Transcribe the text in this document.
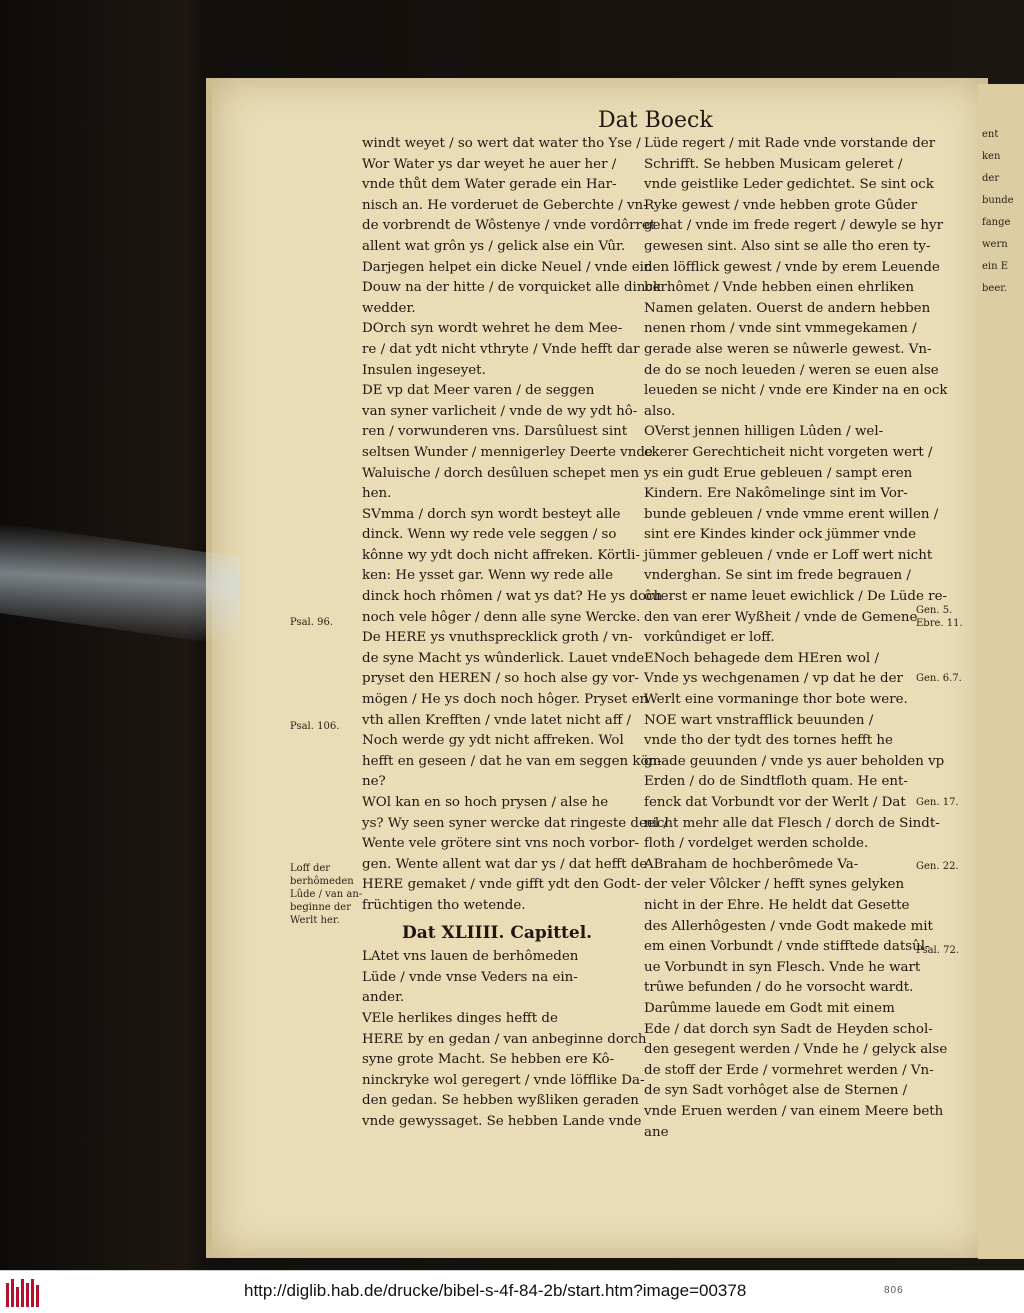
ent
ken
der
bunde
fange
wern
ein E
beer.
Dat Boeck
windt weyet / so wert dat water tho Yse /
Wor Water ys dar weyet he auer her /
vnde thůt dem Water gerade ein Har-
nisch an. He vorderuet de Geberchte / vn-
de vorbrendt de Wôstenye / vnde vordôrret
allent wat grôn ys / gelick alse ein Vûr.
Darjegen helpet ein dicke Neuel / vnde ein
Douw na der hitte / de vorquicket alle dinck
wedder.
DOrch syn wordt wehret he dem Mee-
re / dat ydt nicht vthryte / Vnde hefft dar
Insulen ingeseyet.
DE vp dat Meer varen / de seggen
van syner varlicheit / vnde de wy ydt hô-
ren / vorwunderen vns. Darsûluest sint
seltsen Wunder / mennigerley Deerte vnde
Waluische / dorch desûluen schepet men
hen.
SVmma / dorch syn wordt besteyt alle
dinck. Wenn wy rede vele seggen / so
kônne wy ydt doch nicht affreken. Körtli-
ken: He ysset gar. Wenn wy rede alle
dinck hoch rhômen / wat ys dat? He ys doch
noch vele hôger / denn alle syne Wercke.
De HERE ys vnuthsprecklick groth / vn-
de syne Macht ys wûnderlick. Lauet vnde
pryset den HEREN / so hoch alse gy vor-
mögen / He ys doch noch hôger. Pryset en
vth allen Krefften / vnde latet nicht aff /
Noch werde gy ydt nicht affreken. Wol
hefft en geseen / dat he van em seggen kön-
ne?
WOl kan en so hoch prysen / alse he
ys? Wy seen syner wercke dat ringeste deel /
Wente vele grötere sint vns noch vorbor-
gen. Wente allent wat dar ys / dat hefft de
HERE gemaket / vnde gifft ydt den Godt-
früchtigen tho wetende.
Dat XLIIII. Capittel.
LAtet vns lauen de berhômeden
Lüde / vnde vnse Veders na ein-
ander.
VEle herlikes dinges hefft de
HERE by en gedan / van anbeginne dorch
syne grote Macht. Se hebben ere Kô-
ninckryke wol geregert / vnde löfflike Da-
den gedan. Se hebben wyßliken geraden
vnde gewyssaget. Se hebben Lande vnde
Lüde regert / mit Rade vnde vorstande der
Schrifft. Se hebben Musicam geleret /
vnde geistlike Leder gedichtet. Se sint ock
Ryke gewest / vnde hebben grote Gûder
gehat / vnde im frede regert / dewyle se hyr
gewesen sint. Also sint se alle tho eren ty-
den löfflick gewest / vnde by erem Leuende
berhômet / Vnde hebben einen ehrliken
Namen gelaten. Ouerst de andern hebben
nenen rhom / vnde sint vmmegekamen /
gerade alse weren se nûwerle gewest. Vn-
de do se noch leueden / weren se euen alse
leueden se nicht / vnde ere Kinder na en ock
also.
OVerst jennen hilligen Lûden / wel-
ckerer Gerechticheit nicht vorgeten wert /
ys ein gudt Erue gebleuen / sampt eren
Kindern. Ere Nakômelinge sint im Vor-
bunde gebleuen / vnde vmme erent willen /
sint ere Kindes kinder ock jümmer vnde
jümmer gebleuen / vnde er Loff wert nicht
vnderghan. Se sint im frede begrauen /
ôuerst er name leuet ewichlick / De Lüde re-
den van erer Wyßheit / vnde de Gemene
vorkûndiget er loff.
ENoch behagede dem HEren wol /
Vnde ys wechgenamen / vp dat he der
Werlt eine vormaninge thor bote were.
NOE wart vnstrafflick beuunden /
vnde tho der tydt des tornes hefft he
gnade geuunden / vnde ys auer beholden vp
Erden / do de Sindtfloth quam. He ent-
fenck dat Vorbundt vor der Werlt / Dat
nicht mehr alle dat Flesch / dorch de Sindt-
floth / vordelget werden scholde.
ABraham de hochberômede Va-
der veler Vôlcker / hefft synes gelyken
nicht in der Ehre. He heldt dat Gesette
des Allerhôgesten / vnde Godt makede mit
em einen Vorbundt / vnde stifftede datsûl-
ue Vorbundt in syn Flesch. Vnde he wart
trûwe befunden / do he vorsocht wardt.
Darûmme lauede em Godt mit einem
Ede / dat dorch syn Sadt de Heyden schol-
den gesegent werden / Vnde he / gelyck alse
de stoff der Erde / vormehret werden / Vn-
de syn Sadt vorhôget alse de Sternen /
vnde Eruen werden / van einem Meere beth
ane
Psal. 96.
Psal. 106.
Loff der
berhômeden
Lûde / van an-
beginne der
Werlt her.
Gen. 5.
Ebre. 11.
Gen. 6.7.
Gen. 17.
Gen. 22.
Psal. 72.
http://diglib.hab.de/drucke/bibel-s-4f-84-2b/start.htm?image=00378	806
